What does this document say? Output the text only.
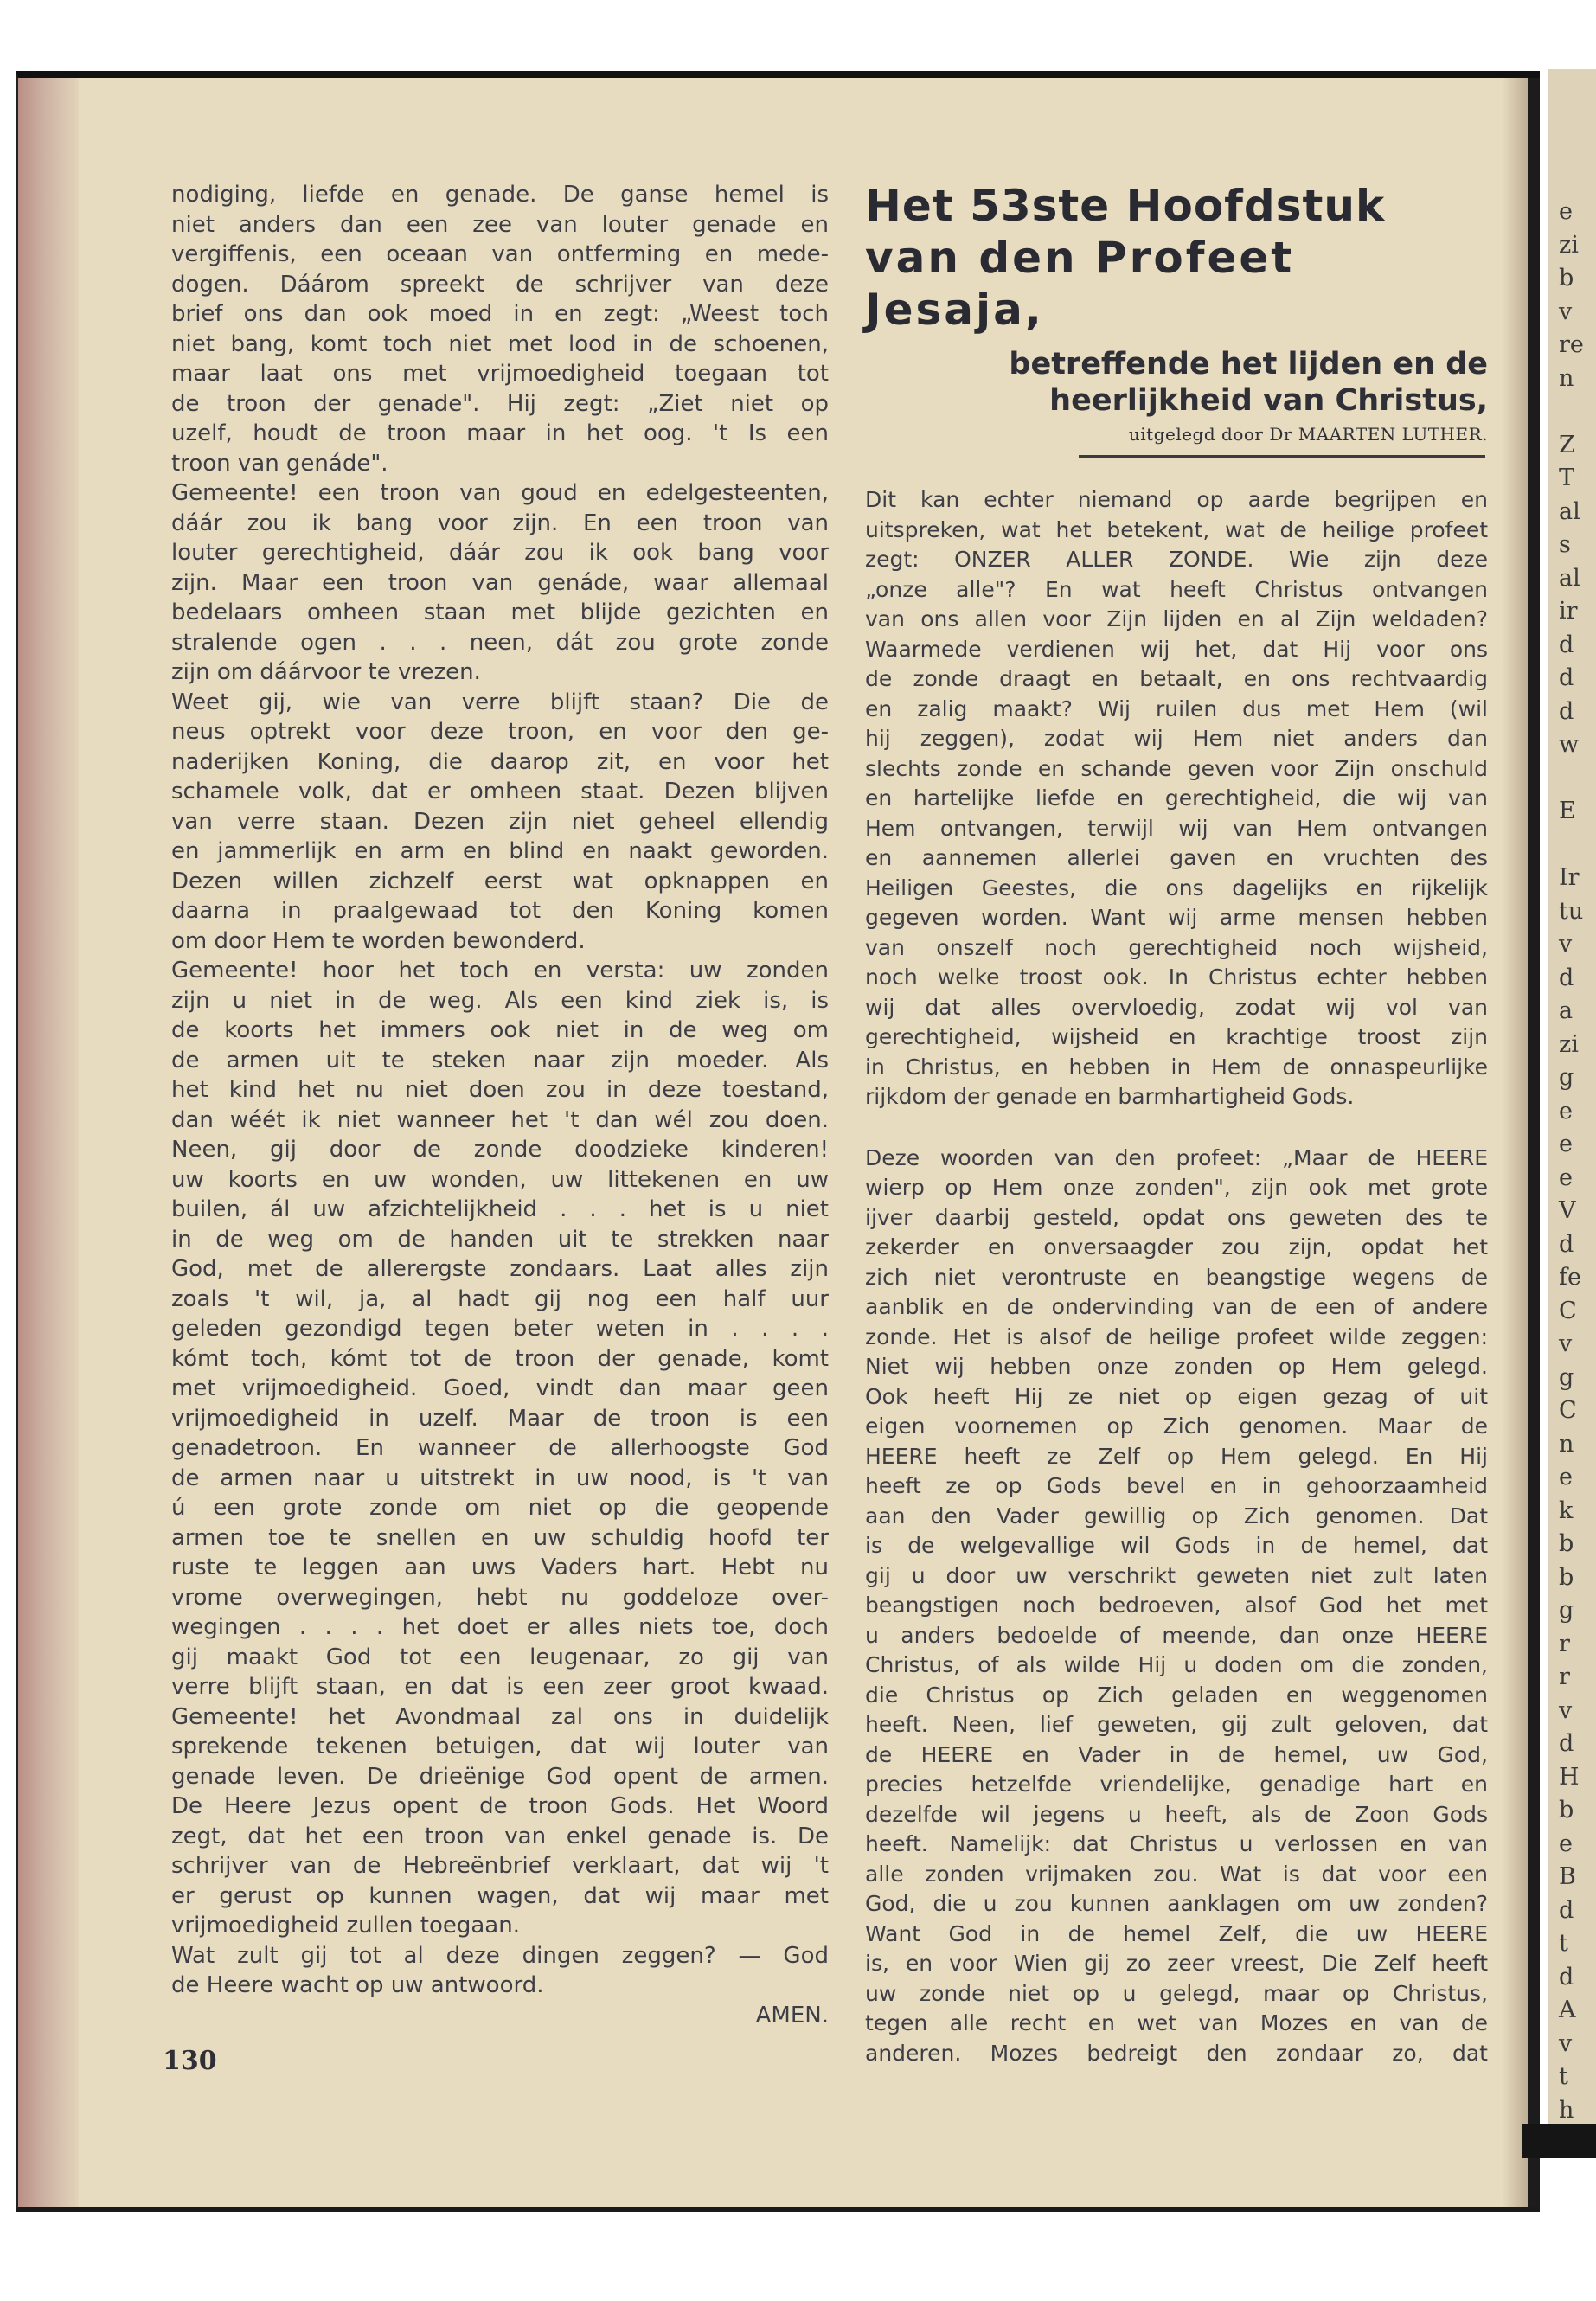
e
zi
b
v
re
n
Z
T
al
s
al
ir
d
d
d
w
E
Ir
tu
v
d
a
zi
g
e
e
e
V
d
fe
C
v
g
C
n
e
k
b
b
g
r
r
v
d
H
b
e
B
d
t
d
A
v
t
h
nodiging, liefde en genade. De ganse hemel is
niet anders dan een zee van louter genade en
vergiffenis, een oceaan van ontferming en mede-
dogen. Dáárom spreekt de schrijver van deze
brief ons dan ook moed in en zegt: „Weest toch
niet bang, komt toch niet met lood in de schoenen,
maar laat ons met vrijmoedigheid toegaan tot
de troon der genade". Hij zegt: „Ziet niet op
uzelf, houdt de troon maar in het oog. 't Is een
troon van genáde".
Gemeente! een troon van goud en edelgesteenten,
dáár zou ik bang voor zijn. En een troon van
louter gerechtigheid, dáár zou ik ook bang voor
zijn. Maar een troon van genáde, waar allemaal
bedelaars omheen staan met blijde gezichten en
stralende ogen . . . neen, dát zou grote zonde
zijn om dáárvoor te vrezen.
Weet gij, wie van verre blijft staan? Die de
neus optrekt voor deze troon, en voor den ge-
naderijken Koning, die daarop zit, en voor het
schamele volk, dat er omheen staat. Dezen blijven
van verre staan. Dezen zijn niet geheel ellendig
en jammerlijk en arm en blind en naakt geworden.
Dezen willen zichzelf eerst wat opknappen en
daarna in praalgewaad tot den Koning komen
om door Hem te worden bewonderd.
Gemeente! hoor het toch en versta: uw zonden
zijn u niet in de weg. Als een kind ziek is, is
de koorts het immers ook niet in de weg om
de armen uit te steken naar zijn moeder. Als
het kind het nu niet doen zou in deze toestand,
dan wéét ik niet wanneer het 't dan wél zou doen.
Neen, gij door de zonde doodzieke kinderen!
uw koorts en uw wonden, uw littekenen en uw
builen, ál uw afzichtelijkheid . . . het is u niet
in de weg om de handen uit te strekken naar
God, met de allerergste zondaars. Laat alles zijn
zoals 't wil, ja, al hadt gij nog een half uur
geleden gezondigd tegen beter weten in . . . .
kómt toch, kómt tot de troon der genade, komt
met vrijmoedigheid. Goed, vindt dan maar geen
vrijmoedigheid in uzelf. Maar de troon is een
genadetroon. En wanneer de allerhoogste God
de armen naar u uitstrekt in uw nood, is 't van
ú een grote zonde om niet op die geopende
armen toe te snellen en uw schuldig hoofd ter
ruste te leggen aan uws Vaders hart. Hebt nu
vrome overwegingen, hebt nu goddeloze over-
wegingen . . . . het doet er alles niets toe, doch
gij maakt God tot een leugenaar, zo gij van
verre blijft staan, en dat is een zeer groot kwaad.
Gemeente! het Avondmaal zal ons in duidelijk
sprekende tekenen betuigen, dat wij louter van
genade leven. De drieënige God opent de armen.
De Heere Jezus opent de troon Gods. Het Woord
zegt, dat het een troon van enkel genade is. De
schrijver van de Hebreënbrief verklaart, dat wij 't
er gerust op kunnen wagen, dat wij maar met
vrijmoedigheid zullen toegaan.
Wat zult gij tot al deze dingen zeggen? — God
de Heere wacht op uw antwoord.
AMEN.
130
Het 53ste Hoofdstuk
van den Profeet Jesaja,
betreffende het lijden en de
heerlijkheid van Christus,
uitgelegd door Dr MAARTEN LUTHER.
Dit kan echter niemand op aarde begrijpen en
uitspreken, wat het betekent, wat de heilige profeet
zegt: ONZER ALLER ZONDE. Wie zijn deze
„onze alle"? En wat heeft Christus ontvangen
van ons allen voor Zijn lijden en al Zijn weldaden?
Waarmede verdienen wij het, dat Hij voor ons
de zonde draagt en betaalt, en ons rechtvaardig
en zalig maakt? Wij ruilen dus met Hem (wil
hij zeggen), zodat wij Hem niet anders dan
slechts zonde en schande geven voor Zijn onschuld
en hartelijke liefde en gerechtigheid, die wij van
Hem ontvangen, terwijl wij van Hem ontvangen
en aannemen allerlei gaven en vruchten des
Heiligen Geestes, die ons dagelijks en rijkelijk
gegeven worden. Want wij arme mensen hebben
van onszelf noch gerechtigheid noch wijsheid,
noch welke troost ook. In Christus echter hebben
wij dat alles overvloedig, zodat wij vol van
gerechtigheid, wijsheid en krachtige troost zijn
in Christus, en hebben in Hem de onnaspeurlijke
rijkdom der genade en barmhartigheid Gods.
Deze woorden van den profeet: „Maar de HEERE
wierp op Hem onze zonden", zijn ook met grote
ijver daarbij gesteld, opdat ons geweten des te
zekerder en onversaagder zou zijn, opdat het
zich niet verontruste en beangstige wegens de
aanblik en de ondervinding van de een of andere
zonde. Het is alsof de heilige profeet wilde zeggen:
Niet wij hebben onze zonden op Hem gelegd.
Ook heeft Hij ze niet op eigen gezag of uit
eigen voornemen op Zich genomen. Maar de
HEERE heeft ze Zelf op Hem gelegd. En Hij
heeft ze op Gods bevel en in gehoorzaamheid
aan den Vader gewillig op Zich genomen. Dat
is de welgevallige wil Gods in de hemel, dat
gij u door uw verschrikt geweten niet zult laten
beangstigen noch bedroeven, alsof God het met
u anders bedoelde of meende, dan onze HEERE
Christus, of als wilde Hij u doden om die zonden,
die Christus op Zich geladen en weggenomen
heeft. Neen, lief geweten, gij zult geloven, dat
de HEERE en Vader in de hemel, uw God,
precies hetzelfde vriendelijke, genadige hart en
dezelfde wil jegens u heeft, als de Zoon Gods
heeft. Namelijk: dat Christus u verlossen en van
alle zonden vrijmaken zou. Wat is dat voor een
God, die u zou kunnen aanklagen om uw zonden?
Want God in de hemel Zelf, die uw HEERE
is, en voor Wien gij zo zeer vreest, Die Zelf heeft
uw zonde niet op u gelegd, maar op Christus,
tegen alle recht en wet van Mozes en van de
anderen. Mozes bedreigt den zondaar zo, dat
